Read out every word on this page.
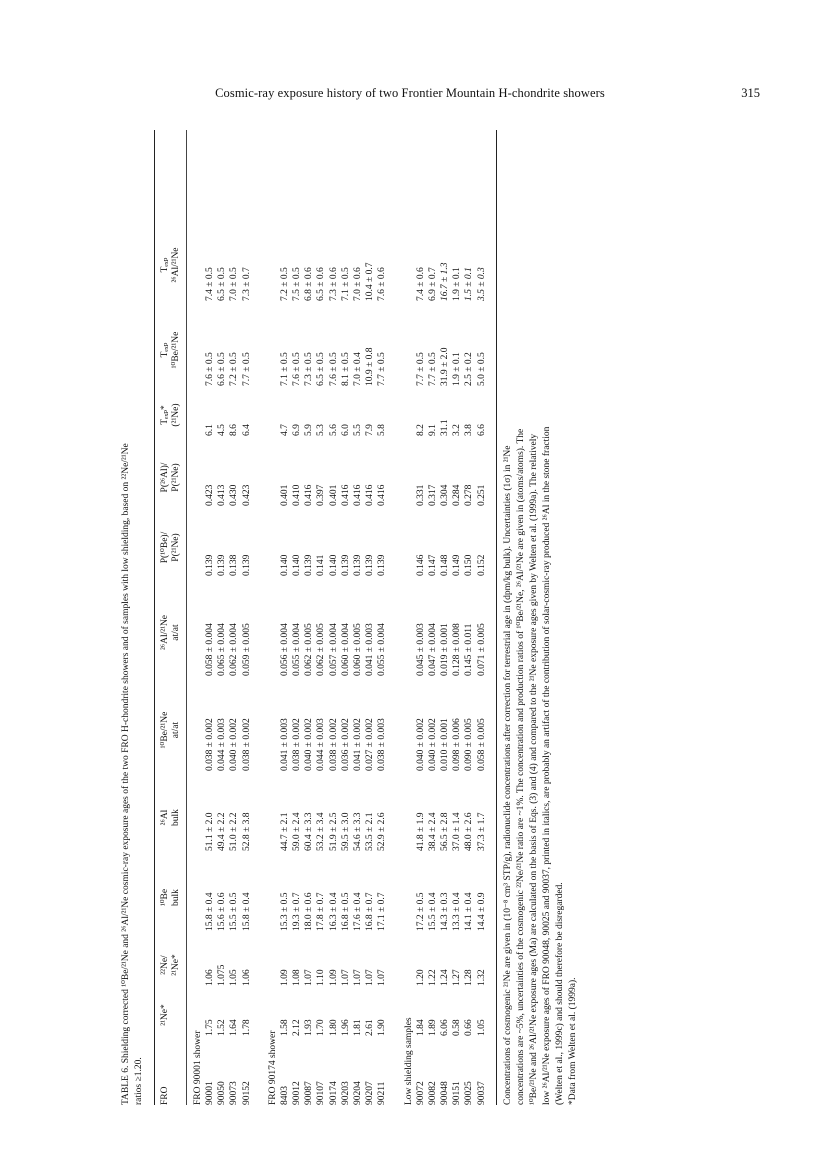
Cosmic-ray exposure history of two Frontier Mountain H-chondrite showers	315
TABLE 6. Shielding corrected ¹⁰Be/²¹Ne and ²⁶Al/²¹Ne cosmic-ray exposure ages of the two FRO H-chondrite showers and of samples with low shielding, based on ²²Ne/²¹Ne ratios ≥1.20. FRO
²¹Ne*
²²Ne/ ²¹Ne*
¹⁰Be bulk
²⁶Al bulk
¹⁰Be/²¹Ne at/at
²⁶Al/²¹Ne at/at
P(¹⁰Be)/ P(²¹Ne)
P(²⁶Al)/ P(²¹Ne)
Tₑₓₚ* (²¹Ne)
Tₑₓₚ ¹⁰Be/²¹Ne
Tₑₓₚ ²⁶Al/²¹Ne
FRO 90001 shower 90001
1.75
1.06
15.8 ± 0.4
51.1 ± 2.0
0.038 ± 0.002
0.058 ± 0.004
0.139
0.423
6.1
7.6 ± 0.5
7.4 ± 0.5
90050
1.52
1.075
15.6 ± 0.6
49.4 ± 2.2
0.044 ± 0.003
0.065 ± 0.004
0.139
0.413
4.5
6.6 ± 0.5
6.5 ± 0.5
90073
1.64
1.05
15.5 ± 0.5
51.0 ± 2.2
0.040 ± 0.002
0.062 ± 0.004
0.138
0.430
8.6
7.2 ± 0.5
7.0 ± 0.5
90152
1.78
1.06
15.8 ± 0.4
52.8 ± 3.8
0.038 ± 0.002
0.059 ± 0.005
0.139
0.423
6.4
7.7 ± 0.5
7.3 ± 0.7
FRO 90174 shower 8403
1.58
1.09
15.3 ± 0.5
44.7 ± 2.1
0.041 ± 0.003
0.056 ± 0.004
0.140
0.401
4.7
7.1 ± 0.5
7.2 ± 0.5
90012
2.12
1.08
19.3 ± 0.7
59.0 ± 2.4
0.038 ± 0.002
0.055 ± 0.004
0.140
0.410
6.9
7.6 ± 0.5
7.5 ± 0.5
90087
1.93
1.07
18.0 ± 0.6
60.4 ± 3.3
0.040 ± 0.002
0.062 ± 0.005
0.139
0.416
5.9
7.3 ± 0.5
6.8 ± 0.6
90107
1.70
1.10
17.8 ± 0.7
53.2 ± 3.4
0.044 ± 0.003
0.062 ± 0.005
0.141
0.397
5.3
6.5 ± 0.5
6.5 ± 0.6
90174
1.80
1.09
16.3 ± 0.4
51.9 ± 2.5
0.038 ± 0.002
0.057 ± 0.004
0.140
0.401
5.6
7.6 ± 0.5
7.3 ± 0.6
90203
1.96
1.07
16.8 ± 0.5
59.5 ± 3.0
0.036 ± 0.002
0.060 ± 0.004
0.139
0.416
6.0
8.1 ± 0.5
7.1 ± 0.5
90204
1.81
1.07
17.6 ± 0.4
54.6 ± 3.3
0.041 ± 0.002
0.060 ± 0.005
0.139
0.416
5.5
7.0 ± 0.4
7.0 ± 0.6
90207
2.61
1.07
16.8 ± 0.7
53.5 ± 2.1
0.027 ± 0.002
0.041 ± 0.003
0.139
0.416
7.9
10.9 ± 0.8
10.4 ± 0.7
90211
1.90
1.07
17.1 ± 0.7
52.9 ± 2.6
0.038 ± 0.003
0.055 ± 0.004
0.139
0.416
5.8
7.7 ± 0.5
7.6 ± 0.6
Low shielding samples 90072
1.84
1.20
17.2 ± 0.5
41.8 ± 1.9
0.040 ± 0.002
0.045 ± 0.003
0.146
0.331
8.2
7.7 ± 0.5
7.4 ± 0.6
90082
1.89
1.22
15.5 ± 0.4
38.4 ± 2.4
0.040 ± 0.002
0.047 ± 0.004
0.147
0.317
9.1
7.7 ± 0.5
6.9 ± 0.7
90048
6.06
1.24
14.3 ± 0.3
56.5 ± 2.8
0.010 ± 0.001
0.019 ± 0.001
0.148
0.304
31.1
31.9 ± 2.0
16.7 ± 1.3
90151
0.58
1.27
13.3 ± 0.4
37.0 ± 1.4
0.098 ± 0.006
0.128 ± 0.008
0.149
0.284
3.2
1.9 ± 0.1
1.9 ± 0.1
90025
0.66
1.28
14.1 ± 0.4
48.0 ± 2.6
0.090 ± 0.005
0.145 ± 0.011
0.150
0.278
3.8
2.5 ± 0.2
1.5 ± 0.1
90037
1.05
1.32
14.4 ± 0.9
37.3 ± 1.7
0.058 ± 0.005
0.071 ± 0.005
0.152
0.251
6.6
5.0 ± 0.5
3.5 ± 0.3
Concentrations of cosmogenic ²¹Ne are given in (10⁻⁸ cm³ STP/g), radionuclide concentrations after correction for terrestrial age in (dpm/kg bulk). Uncertainties (1σ) in ²¹Ne concentrations are ~5%, uncertainties of the cosmogenic ²²Ne/²¹Ne ratio are ~1%. The concentration and production ratios of ¹⁰Be/²¹Ne, ²⁶Al/²¹Ne are given in (atoms/atoms). The ¹⁰Be/²¹Ne and ²⁶Al/²¹Ne exposure ages (Ma) are calculated on the basis of Eqs. (3) and (4) and compared to the ²¹Ne exposure ages given by Welten et al. (1999a). The relatively low ²⁶Al/²¹Ne exposure ages of FRO 90048, 90025 and 90037, printed in italics, are probably an artifact of the contribution of solar-cosmic-ray produced ²⁶Al in the stone fraction (Welten et al., 1999c) and should therefore be disregarded. *Data from Welten et al. (1999a).
